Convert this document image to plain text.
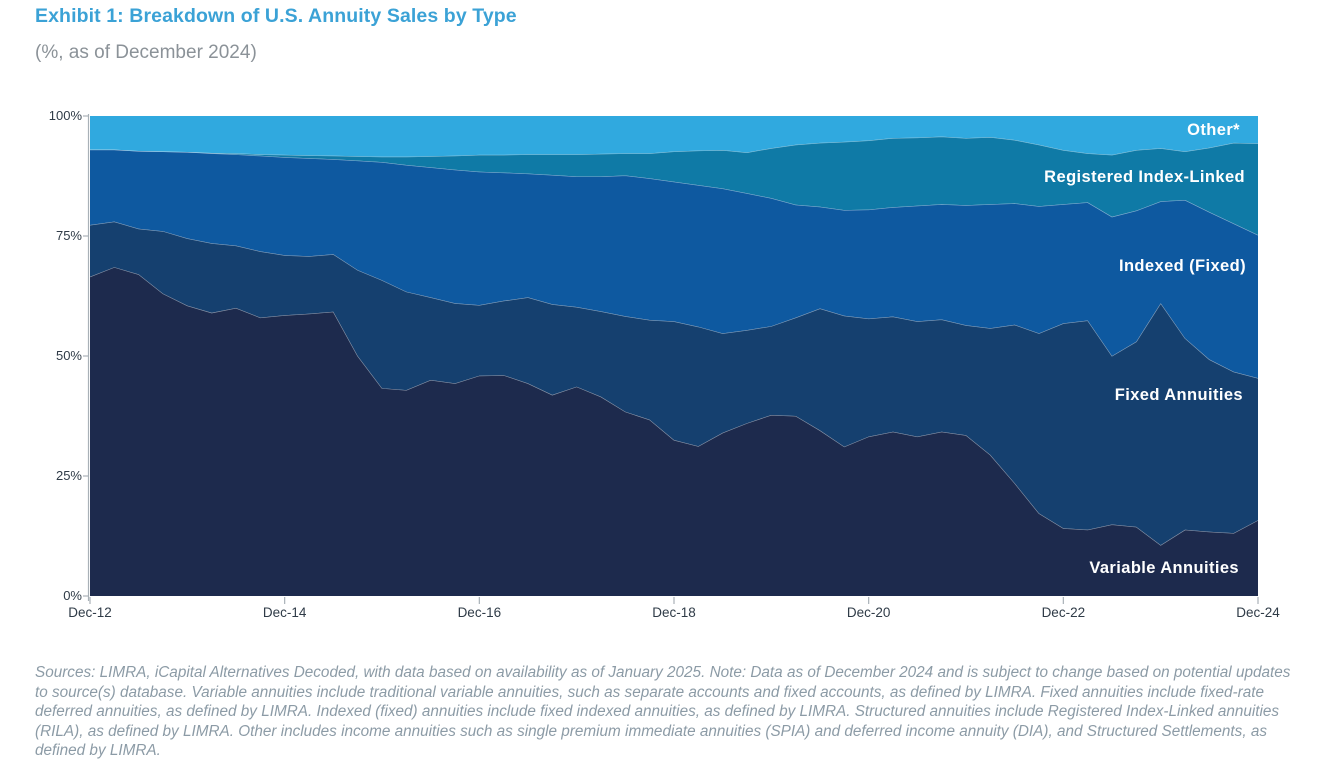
Exhibit 1: Breakdown of U.S. Annuity Sales by Type
(%, as of December 2024)
0%
25%
50%
75%
100%
Dec-12	Dec-14	Dec-16	Dec-18	Dec-20	Dec-22	Dec-24
Variable Annuities
Fixed Annuities
Indexed (Fixed)
Registered Index-Linked
Other*
Sources: LIMRA, iCapital Alternatives Decoded, with data based on availability as of January 2025. Note: Data as of December 2024 and is subject to change based on potential updates to source(s) database. Variable annuities include traditional variable annuities, such as separate accounts and fixed accounts, as defined by LIMRA. Fixed annuities include fixed-rate deferred annuities, as defined by LIMRA. Indexed (fixed) annuities include fixed indexed annuities, as defined by LIMRA. Structured annuities include Registered Index-Linked annuities (RILA), as defined by LIMRA. Other includes income annuities such as single premium immediate annuities (SPIA) and deferred income annuity (DIA), and Structured Settlements, as defined by LIMRA.
